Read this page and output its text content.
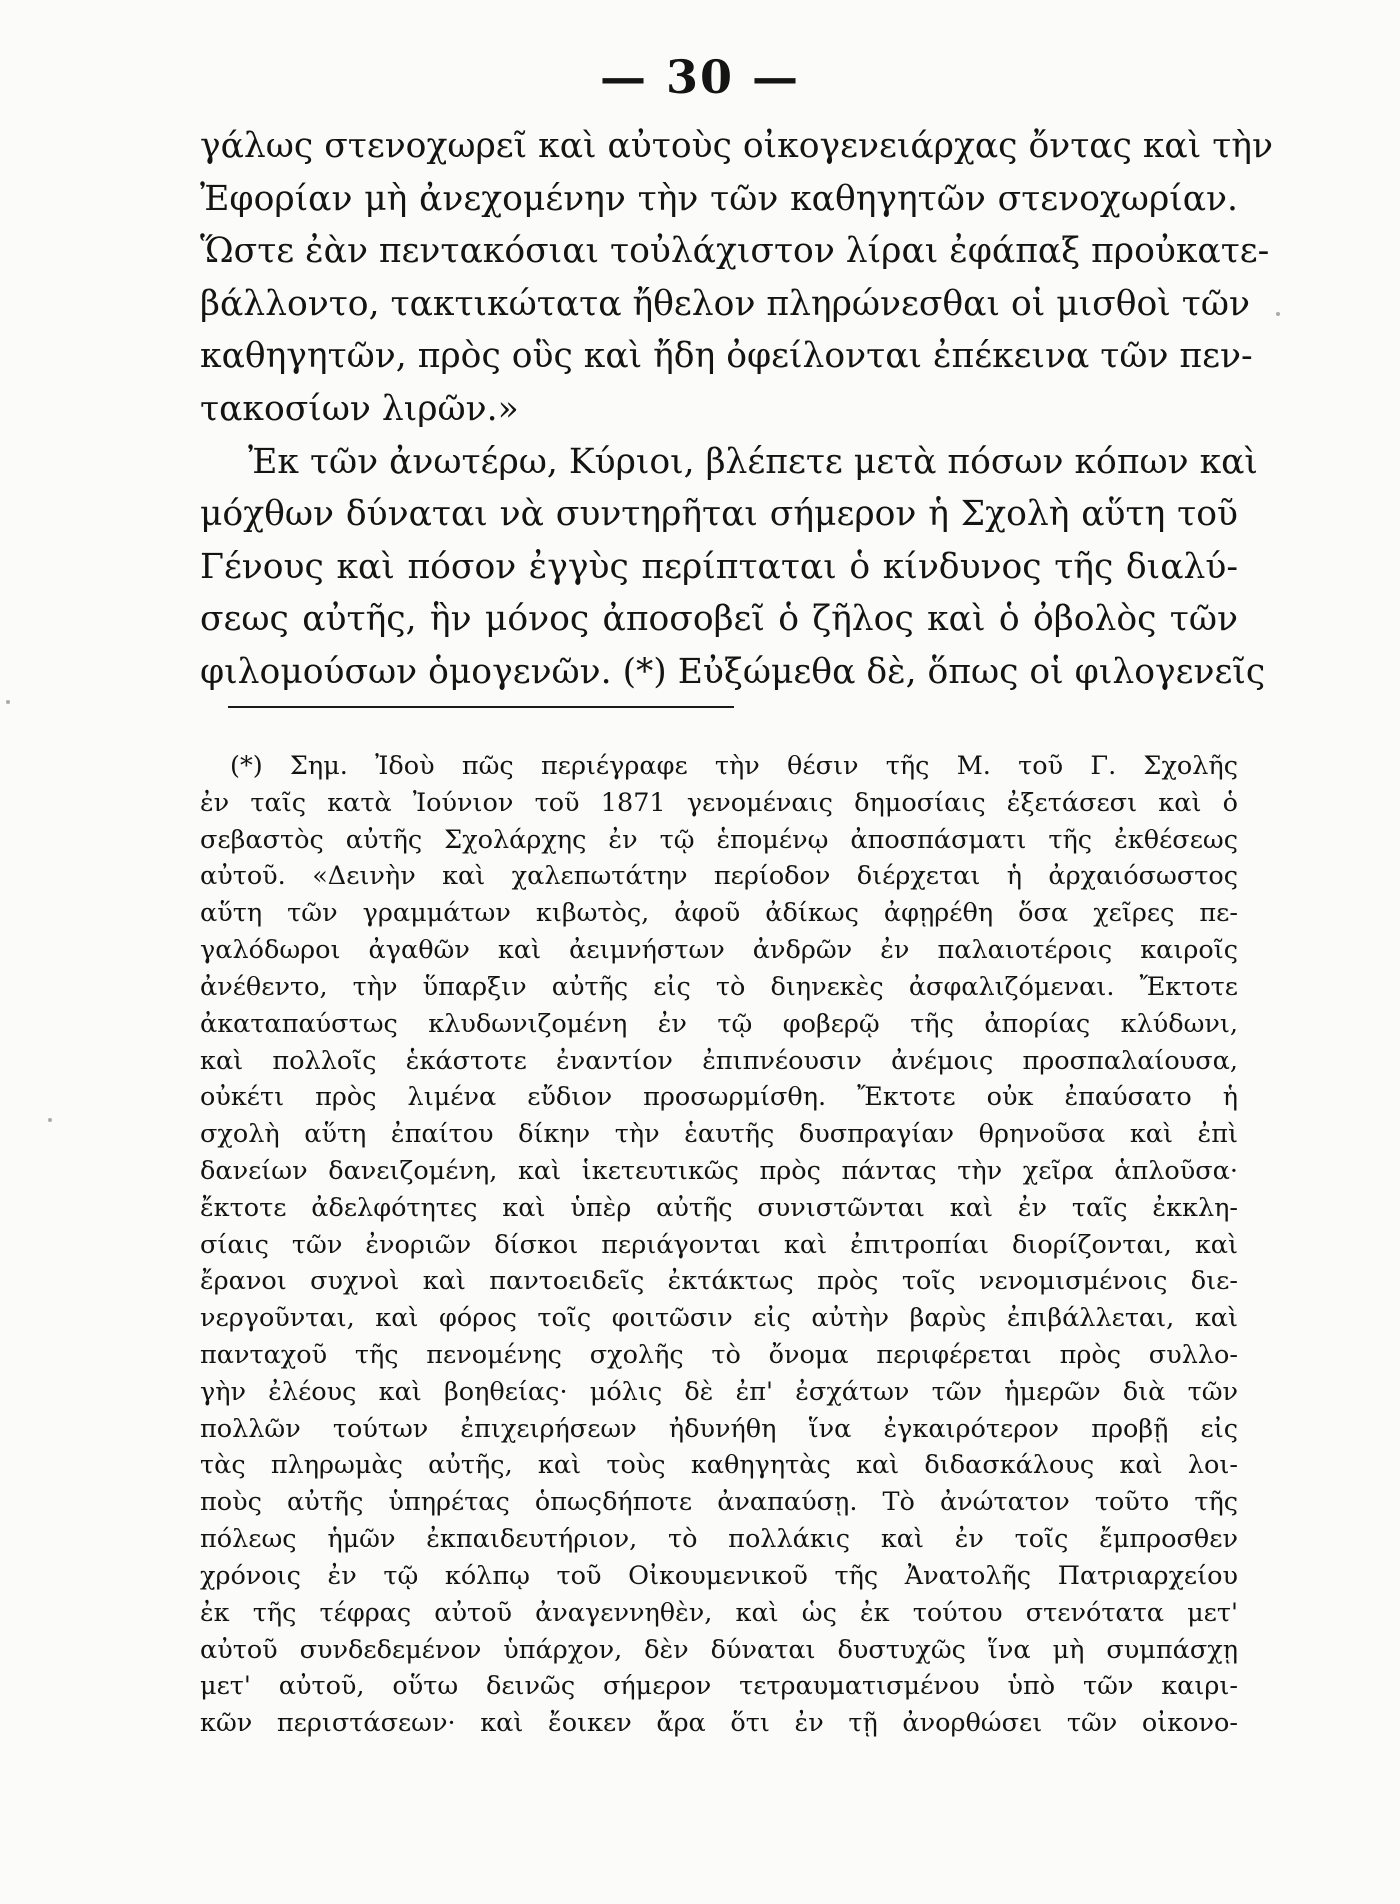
— 30 —
γάλως στενοχωρεῖ καὶ αὐτοὺς οἰκογενειάρχας ὄντας καὶ τὴν
Ἐφορίαν μὴ ἀνεχομένην τὴν τῶν καθηγητῶν στενοχωρίαν.
Ὥστε ἐὰν πεντακόσιαι τοὐλάχιστον λίραι ἐφάπαξ προὐκατε-
βάλλοντο, τακτικώτατα ἤθελον πληρώνεσθαι οἱ μισθοὶ τῶν
καθηγητῶν, πρὸς οὓς καὶ ἤδη ὀφείλονται ἐπέκεινα τῶν πεν-
τακοσίων λιρῶν.»
Ἐκ τῶν ἀνωτέρω, Κύριοι, βλέπετε μετὰ πόσων κόπων καὶ
μόχθων δύναται νὰ συντηρῆται σήμερον ἡ Σχολὴ αὕτη τοῦ
Γένους καὶ πόσον ἐγγὺς περίπταται ὁ κίνδυνος τῆς διαλύ-
σεως αὐτῆς, ἣν μόνος ἀποσοβεῖ ὁ ζῆλος καὶ ὁ ὀβολὸς τῶν
φιλομούσων ὁμογενῶν. (*) Εὐξώμεθα δὲ, ὅπως οἱ φιλογενεῖς
(*) Σημ. Ἰδοὺ πῶς περιέγραφε τὴν θέσιν τῆς Μ. τοῦ Γ. Σχολῆς
ἐν ταῖς κατὰ Ἰούνιον τοῦ 1871 γενομέναις δημοσίαις ἐξετάσεσι καὶ ὁ
σεβαστὸς αὐτῆς Σχολάρχης ἐν τῷ ἑπομένῳ ἀποσπάσματι τῆς ἐκθέσεως
αὐτοῦ. «Δεινὴν καὶ χαλεπωτάτην περίοδον διέρχεται ἡ ἀρχαιόσωστος
αὕτη τῶν γραμμάτων κιβωτὸς, ἀφοῦ ἀδίκως ἀφῃρέθη ὅσα χεῖρες πε-
γαλόδωροι ἀγαθῶν καὶ ἀειμνήστων ἀνδρῶν ἐν παλαιοτέροις καιροῖς
ἀνέθεντο, τὴν ὕπαρξιν αὐτῆς εἰς τὸ διηνεκὲς ἀσφαλιζόμεναι. Ἔκτοτε
ἀκαταπαύστως κλυδωνιζομένη ἐν τῷ φοβερῷ τῆς ἀπορίας κλύδωνι,
καὶ πολλοῖς ἑκάστοτε ἐναντίον ἐπιπνέουσιν ἀνέμοις προσπαλαίουσα,
οὐκέτι πρὸς λιμένα εὔδιον προσωρμίσθη. Ἔκτοτε οὐκ ἐπαύσατο ἡ
σχολὴ αὕτη ἐπαίτου δίκην τὴν ἑαυτῆς δυσπραγίαν θρηνοῦσα καὶ ἐπὶ
δανείων δανειζομένη, καὶ ἱκετευτικῶς πρὸς πάντας τὴν χεῖρα ἁπλοῦσα·
ἔκτοτε ἀδελφότητες καὶ ὑπὲρ αὐτῆς συνιστῶνται καὶ ἐν ταῖς ἐκκλη-
σίαις τῶν ἐνοριῶν δίσκοι περιάγονται καὶ ἐπιτροπίαι διορίζονται, καὶ
ἔρανοι συχνοὶ καὶ παντοειδεῖς ἐκτάκτως πρὸς τοῖς νενομισμένοις διε-
νεργοῦνται, καὶ φόρος τοῖς φοιτῶσιν εἰς αὐτὴν βαρὺς ἐπιβάλλεται, καὶ
πανταχοῦ τῆς πενομένης σχολῆς τὸ ὄνομα περιφέρεται πρὸς συλλο-
γὴν ἐλέους καὶ βοηθείας· μόλις δὲ ἐπ' ἐσχάτων τῶν ἡμερῶν διὰ τῶν
πολλῶν τούτων ἐπιχειρήσεων ἠδυνήθη ἵνα ἐγκαιρότερον προβῇ εἰς
τὰς πληρωμὰς αὐτῆς, καὶ τοὺς καθηγητὰς καὶ διδασκάλους καὶ λοι-
ποὺς αὐτῆς ὑπηρέτας ὁπωςδήποτε ἀναπαύσῃ. Τὸ ἀνώτατον τοῦτο τῆς
πόλεως ἡμῶν ἐκπαιδευτήριον, τὸ πολλάκις καὶ ἐν τοῖς ἔμπροσθεν
χρόνοις ἐν τῷ κόλπῳ τοῦ Οἰκουμενικοῦ τῆς Ἀνατολῆς Πατριαρχείου
ἐκ τῆς τέφρας αὐτοῦ ἀναγεννηθὲν, καὶ ὡς ἐκ τούτου στενότατα μετ'
αὐτοῦ συνδεδεμένον ὑπάρχον, δὲν δύναται δυστυχῶς ἵνα μὴ συμπάσχῃ
μετ' αὐτοῦ, οὕτω δεινῶς σήμερον τετραυματισμένου ὑπὸ τῶν καιρι-
κῶν περιστάσεων· καὶ ἔοικεν ἄρα ὅτι ἐν τῇ ἀνορθώσει τῶν οἰκονο-
